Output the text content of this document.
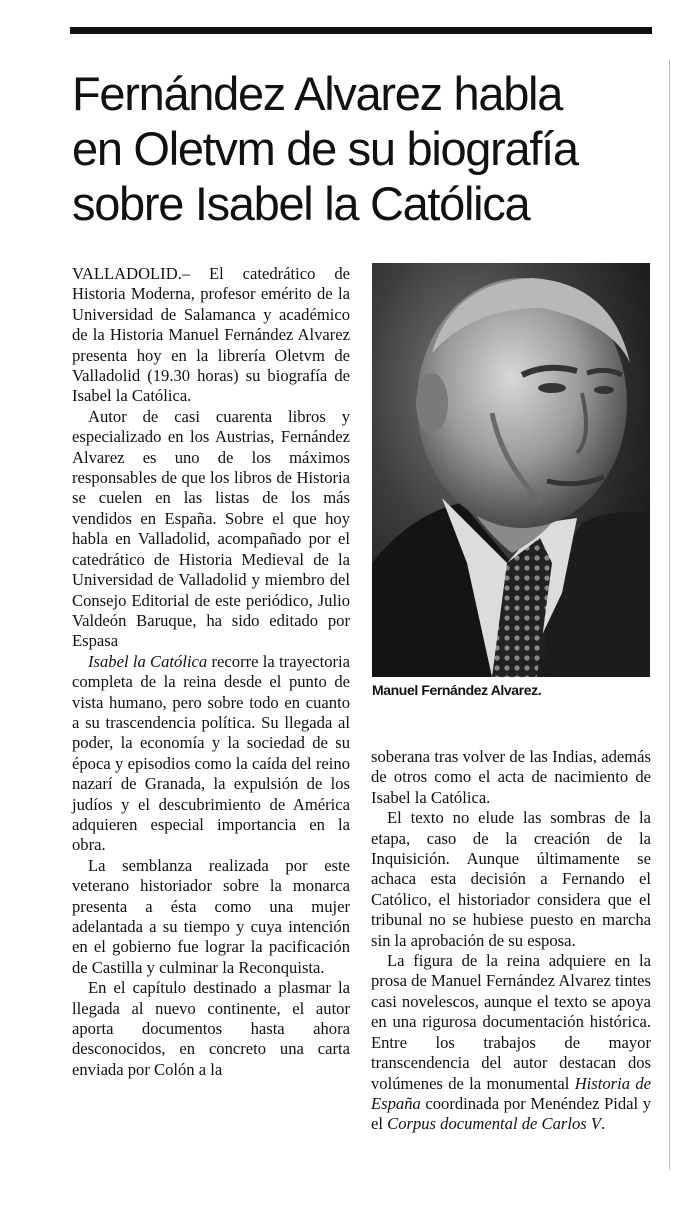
Fernández Alvarez habla
en Oletvm de su biografía
sobre Isabel la Católica

VALLADOLID.– El catedrático de Historia Moderna, profesor emérito de la Universidad de Salamanca y académico de la Historia Manuel Fernández Alvarez presenta hoy en la librería Oletvm de Valladolid (19.30 horas) su biografía de Isabel la Católica.

Autor de casi cuarenta libros y especializado en los Austrias, Fernández Alvarez es uno de los máximos responsables de que los libros de Historia se cuelen en las listas de los más vendidos en España. Sobre el que hoy habla en Valladolid, acompañado por el catedrático de Historia Medieval de la Universidad de Valladolid y miembro del Consejo Editorial de este periódico, Julio Valdeón Baruque, ha sido editado por Espasa

Isabel la Católica recorre la trayectoria completa de la reina desde el punto de vista humano, pero sobre todo en cuanto a su trascendencia política. Su llegada al poder, la economía y la sociedad de su época y episodios como la caída del reino nazarí de Granada, la expulsión de los judíos y el descubrimiento de América adquieren especial importancia en la obra.

La semblanza realizada por este veterano historiador sobre la monarca presenta a ésta como una mujer adelantada a su tiempo y cuya intención en el gobierno fue lograr la pacificación de Castilla y culminar la Reconquista.

En el capítulo destinado a plasmar la llegada al nuevo continente, el autor aporta documentos hasta ahora desconocidos, en concreto una carta enviada por Colón a la

Manuel Fernández Alvarez.

soberana tras volver de las Indias, además de otros como el acta de nacimiento de Isabel la Católica.

El texto no elude las sombras de la etapa, caso de la creación de la Inquisición. Aunque últimamente se achaca esta decisión a Fernando el Católico, el historiador considera que el tribunal no se hubiese puesto en marcha sin la aprobación de su esposa.

La figura de la reina adquiere en la prosa de Manuel Fernández Alvarez tintes casi novelescos, aunque el texto se apoya en una rigurosa documentación histórica. Entre los trabajos de mayor transcendencia del autor destacan dos volúmenes de la monumental Historia de España coordinada por Menéndez Pidal y el Corpus documental de Carlos V.
